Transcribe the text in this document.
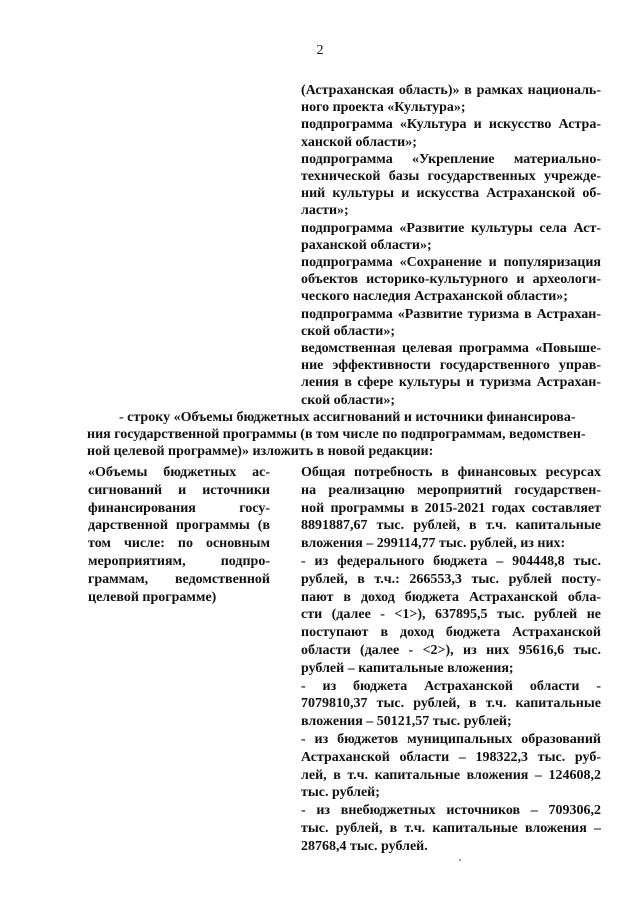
2
(Астраханская область)» в рамках националь-
ного проекта «Культура»;
подпрограмма «Культура и искусство Астра-
ханской области»;
подпрограмма «Укрепление материально-
технической базы государственных учрежде-
ний культуры и искусства Астраханской об-
ласти»;
подпрограмма «Развитие культуры села Аст-
раханской области»;
подпрограмма «Сохранение и популяризация
объектов историко-культурного и археологи-
ческого наследия Астраханской области»;
подпрограмма «Развитие туризма в Астрахан-
ской области»;
ведомственная целевая программа «Повыше-
ние эффективности государственного управ-
ления в сфере культуры и туризма Астрахан-
ской области»;
- строку «Объемы бюджетных ассигнований и источники финансирова-
ния государственной программы (в том числе по подпрограммам, ведомствен-
ной целевой программе)» изложить в новой редакции:
«Объемы бюджетных ас-
сигнований и источники
финансирования госу-
дарственной программы (в
том числе: по основным
мероприятиям, подпро-
граммам, ведомственной
целевой программе)
Общая потребность в финансовых ресурсах
на реализацию мероприятий государствен-
ной программы в 2015-2021 годах составляет
8891887,67 тыс. рублей, в т.ч. капитальные
вложения – 299114,77 тыс. рублей, из них:
- из федерального бюджета – 904448,8 тыс.
рублей, в т.ч.: 266553,3 тыс. рублей посту-
пают в доход бюджета Астраханской обла-
сти (далее - <1>), 637895,5 тыс. рублей не
поступают в доход бюджета Астраханской
области (далее - <2>), из них 95616,6 тыс.
рублей – капитальные вложения;
- из бюджета Астраханской области -
7079810,37 тыс. рублей, в т.ч. капитальные
вложения – 50121,57 тыс. рублей;
- из бюджетов муниципальных образований
Астраханской области – 198322,3 тыс. руб-
лей, в т.ч. капитальные вложения – 124608,2
тыс. рублей;
- из внебюджетных источников – 709306,2
тыс. рублей, в т.ч. капитальные вложения –
28768,4 тыс. рублей.
